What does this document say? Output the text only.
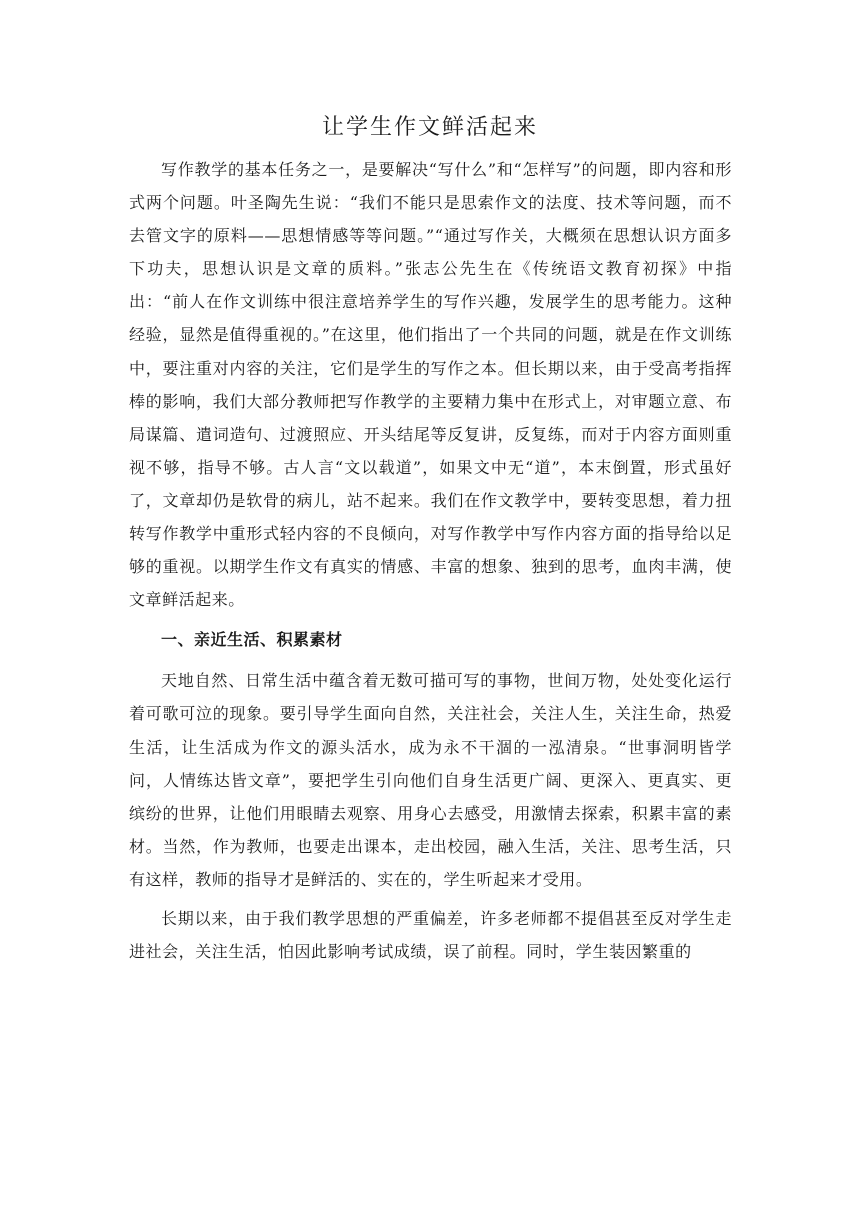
让学生作文鲜活起来

写作教学的基本任务之一，是要解决“写什么”和“怎样写”的问题，即内容和形式两个问题。叶圣陶先生说：“我们不能只是思索作文的法度、技术等问题，而不去管文字的原料——思想情感等等问题。”“通过写作关，大概须在思想认识方面多下功夫，思想认识是文章的质料。”张志公先生在《传统语文教育初探》中指出：“前人在作文训练中很注意培养学生的写作兴趣，发展学生的思考能力。这种经验，显然是值得重视的。”在这里，他们指出了一个共同的问题，就是在作文训练中，要注重对内容的关注，它们是学生的写作之本。但长期以来，由于受高考指挥棒的影响，我们大部分教师把写作教学的主要精力集中在形式上，对审题立意、布局谋篇、遣词造句、过渡照应、开头结尾等反复讲，反复练，而对于内容方面则重视不够，指导不够。古人言“文以载道”，如果文中无“道”，本末倒置，形式虽好了，文章却仍是软骨的病儿，站不起来。我们在作文教学中，要转变思想，着力扭转写作教学中重形式轻内容的不良倾向，对写作教学中写作内容方面的指导给以足够的重视。以期学生作文有真实的情感、丰富的想象、独到的思考，血肉丰满，使文章鲜活起来。

一、亲近生活、积累素材

天地自然、日常生活中蕴含着无数可描可写的事物，世间万物，处处变化运行着可歌可泣的现象。要引导学生面向自然，关注社会，关注人生，关注生命，热爱生活，让生活成为作文的源头活水，成为永不干涸的一泓清泉。“世事洞明皆学问，人情练达皆文章”，要把学生引向他们自身生活更广阔、更深入、更真实、更缤纷的世界，让他们用眼睛去观察、用身心去感受，用激情去探索，积累丰富的素材。当然，作为教师，也要走出课本，走出校园，融入生活，关注、思考生活，只有这样，教师的指导才是鲜活的、实在的，学生听起来才受用。

长期以来，由于我们教学思想的严重偏差，许多老师都不提倡甚至反对学生走进社会，关注生活，怕因此影响考试成绩，误了前程。同时，学生装因繁重的
